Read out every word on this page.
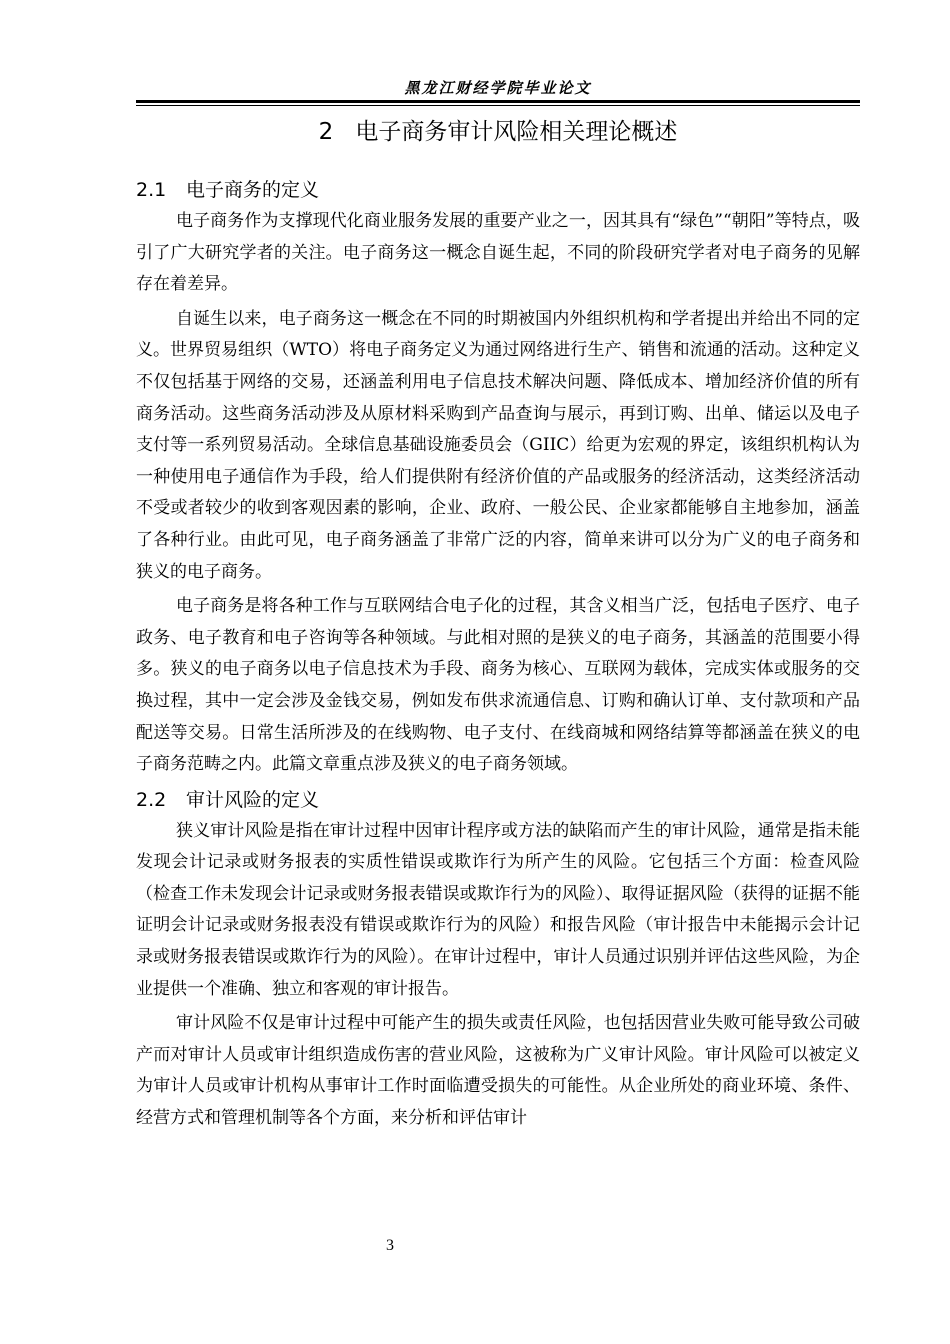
黑龙江财经学院毕业论文
2 电子商务审计风险相关理论概述
2.1 电子商务的定义

电子商务作为支撑现代化商业服务发展的重要产业之一，因其具有“绿色”“朝阳”等特点，吸引了广大研究学者的关注。电子商务这一概念自诞生起，不同的阶段研究学者对电子商务的见解存在着差异。

自诞生以来，电子商务这一概念在不同的时期被国内外组织机构和学者提出并给出不同的定义。世界贸易组织（WTO）将电子商务定义为通过网络进行生产、销售和流通的活动。这种定义不仅包括基于网络的交易，还涵盖利用电子信息技术解决问题、降低成本、增加经济价值的所有商务活动。这些商务活动涉及从原材料采购到产品查询与展示，再到订购、出单、储运以及电子支付等一系列贸易活动。全球信息基础设施委员会（GIIC）给更为宏观的界定，该组织机构认为一种使用电子通信作为手段，给人们提供附有经济价值的产品或服务的经济活动，这类经济活动不受或者较少的收到客观因素的影响，企业、政府、一般公民、企业家都能够自主地参加，涵盖了各种行业。由此可见，电子商务涵盖了非常广泛的内容，简单来讲可以分为广义的电子商务和狭义的电子商务。

电子商务是将各种工作与互联网结合电子化的过程，其含义相当广泛，包括电子医疗、电子政务、电子教育和电子咨询等各种领域。与此相对照的是狭义的电子商务，其涵盖的范围要小得多。狭义的电子商务以电子信息技术为手段、商务为核心、互联网为载体，完成实体或服务的交换过程，其中一定会涉及金钱交易，例如发布供求流通信息、订购和确认订单、支付款项和产品配送等交易。日常生活所涉及的在线购物、电子支付、在线商城和网络结算等都涵盖在狭义的电子商务范畴之内。此篇文章重点涉及狭义的电子商务领域。

2.2 审计风险的定义

狭义审计风险是指在审计过程中因审计程序或方法的缺陷而产生的审计风险，通常是指未能发现会计记录或财务报表的实质性错误或欺诈行为所产生的风险。它包括三个方面：检查风险（检查工作未发现会计记录或财务报表错误或欺诈行为的风险）、取得证据风险（获得的证据不能证明会计记录或财务报表没有错误或欺诈行为的风险）和报告风险（审计报告中未能揭示会计记录或财务报表错误或欺诈行为的风险）。在审计过程中，审计人员通过识别并评估这些风险，为企业提供一个准确、独立和客观的审计报告。

审计风险不仅是审计过程中可能产生的损失或责任风险，也包括因营业失败可能导致公司破产而对审计人员或审计组织造成伤害的营业风险，这被称为广义审计风险。审计风险可以被定义为审计人员或审计机构从事审计工作时面临遭受损失的可能性。从企业所处的商业环境、条件、经营方式和管理机制等各个方面，来分析和评估审计

3
